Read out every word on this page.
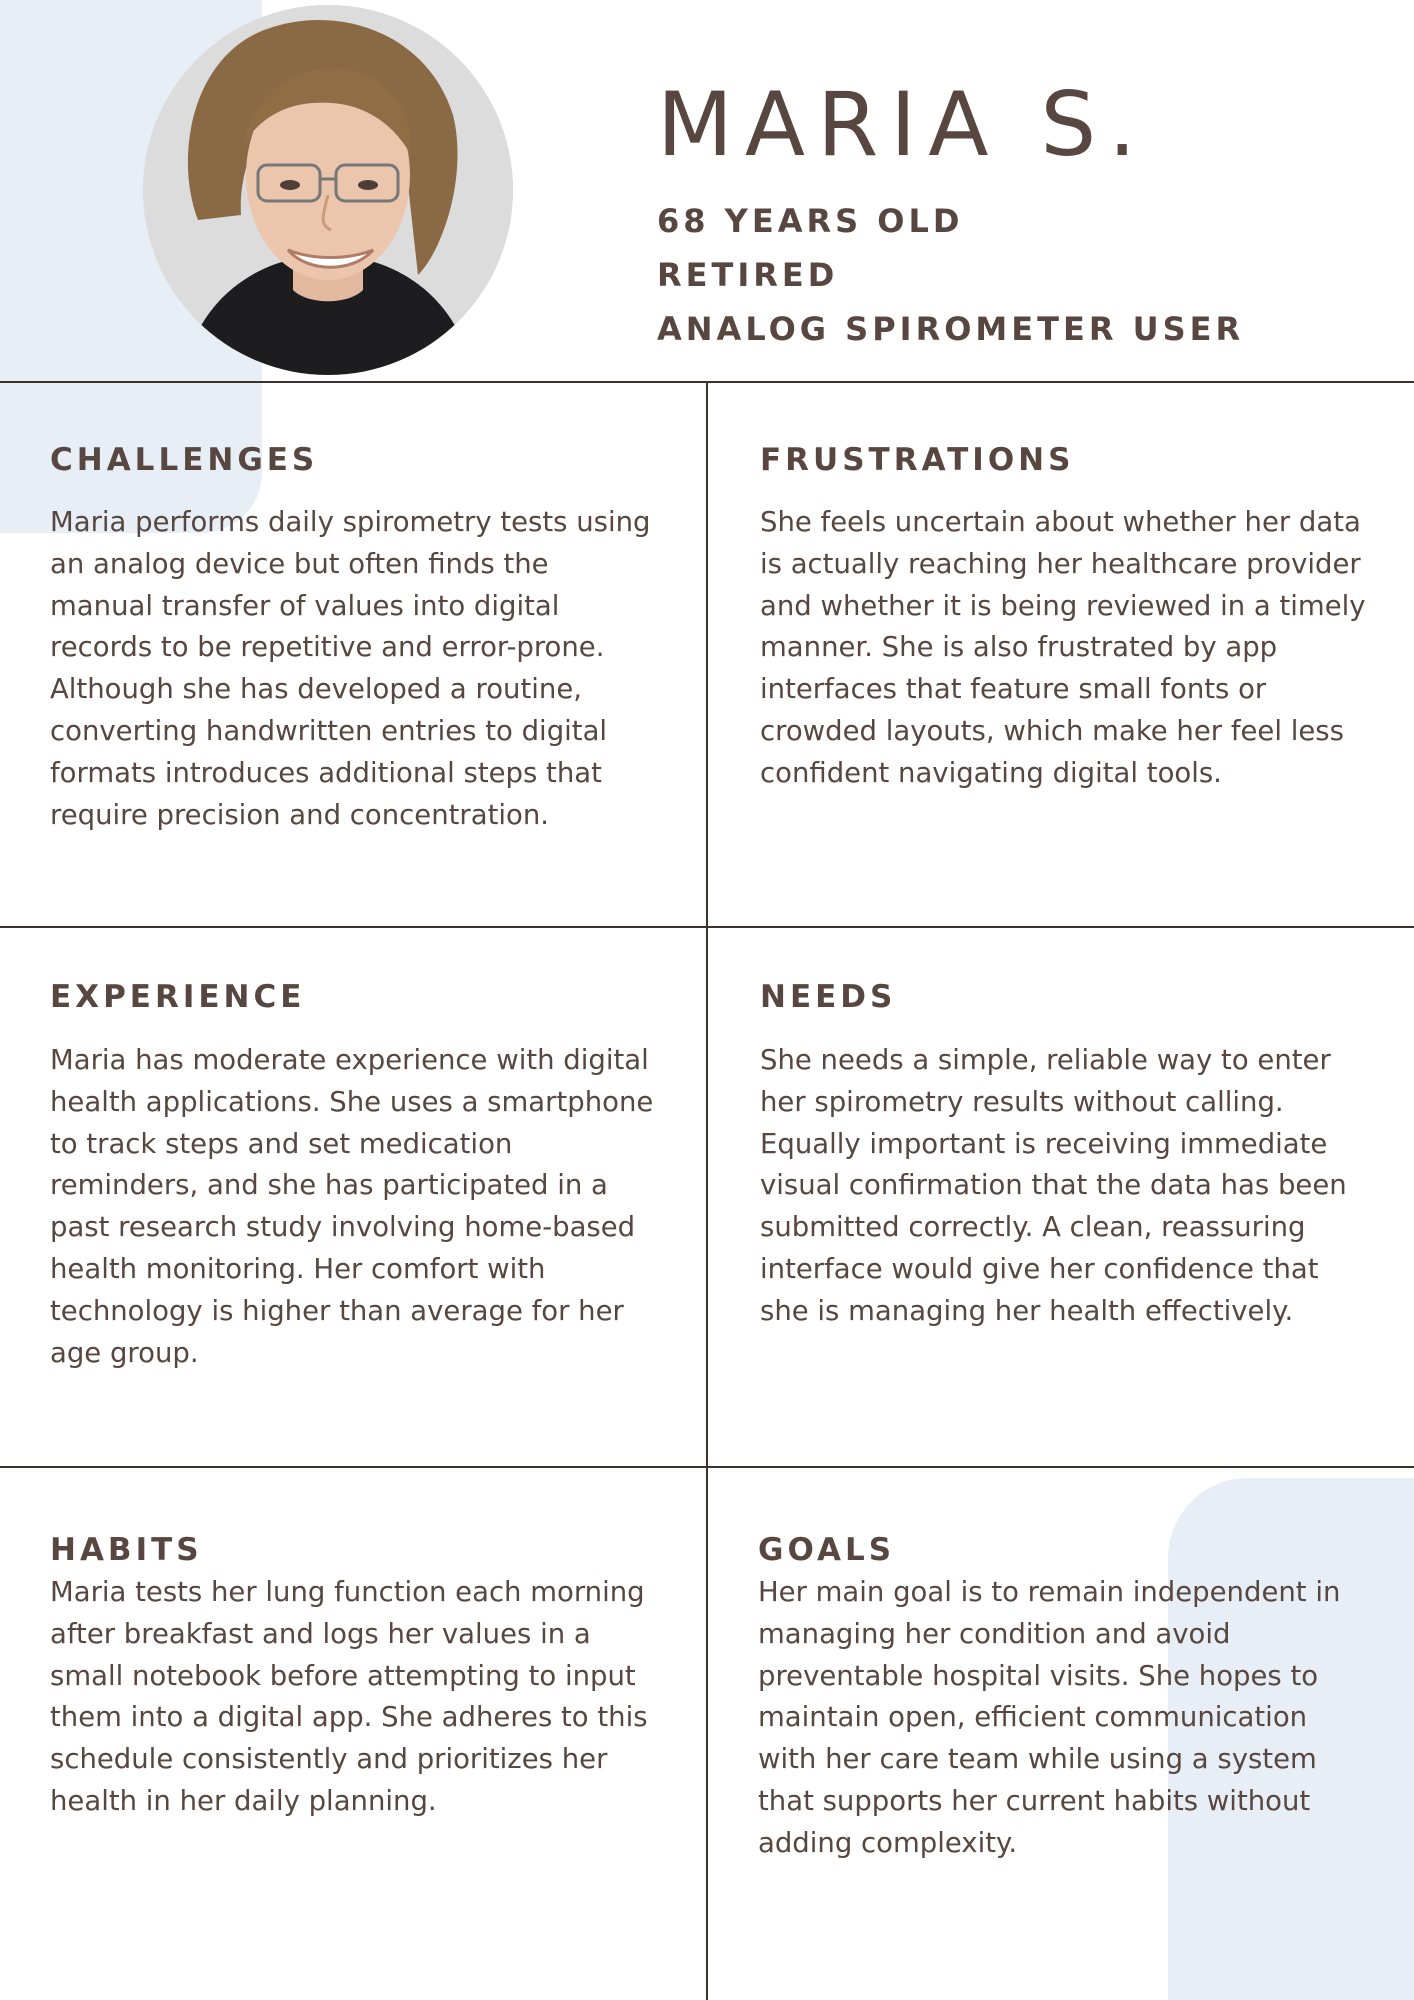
MARIA S.
68 YEARS OLD
RETIRED
ANALOG SPIROMETER USER
CHALLENGES

Maria performs daily spirometry tests using an analog device but often finds the manual transfer of values into digital records to be repetitive and error-prone. Although she has developed a routine, converting handwritten entries to digital formats introduces additional steps that require precision and concentration.

FRUSTRATIONS

She feels uncertain about whether her data is actually reaching her healthcare provider and whether it is being reviewed in a timely manner. She is also frustrated by app interfaces that feature small fonts or crowded layouts, which make her feel less confident navigating digital tools.

EXPERIENCE

Maria has moderate experience with digital health applications. She uses a smartphone to track steps and set medication reminders, and she has participated in a past research study involving home-based health monitoring. Her comfort with technology is higher than average for her age group.

NEEDS

She needs a simple, reliable way to enter her spirometry results without calling. Equally important is receiving immediate visual confirmation that the data has been submitted correctly. A clean, reassuring interface would give her confidence that she is managing her health effectively.

HABITS

Maria tests her lung function each morning after breakfast and logs her values in a small notebook before attempting to input them into a digital app. She adheres to this schedule consistently and prioritizes her health in her daily planning.

GOALS

Her main goal is to remain independent in managing her condition and avoid preventable hospital visits. She hopes to maintain open, efficient communication with her care team while using a system that supports her current habits without adding complexity.
